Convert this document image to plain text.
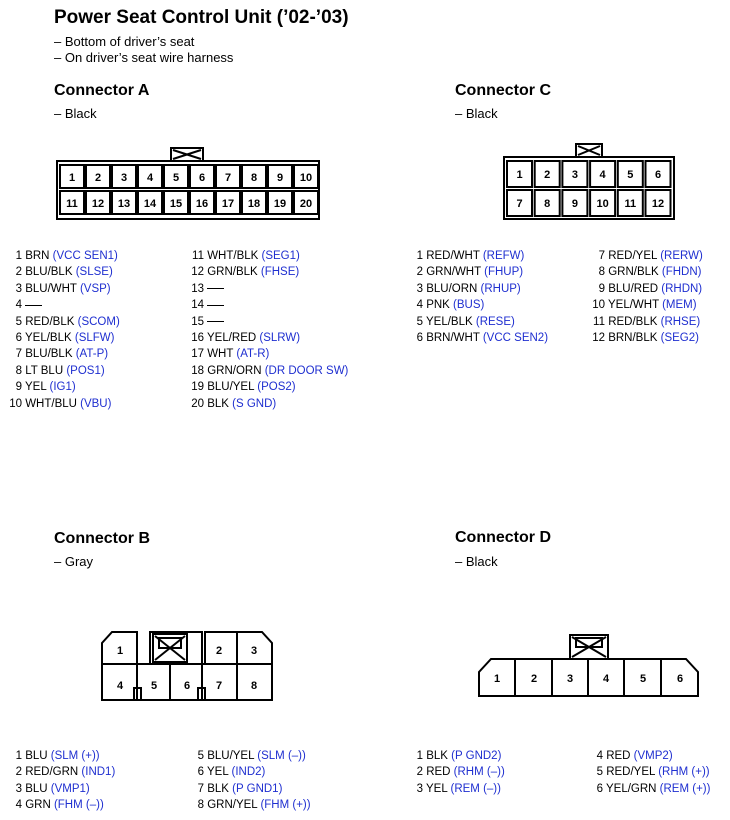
Power Seat Control Unit (’02-’03)
– Bottom of driver’s seat
– On driver’s seat wire harness
Connector A
– Black
Connector C
– Black
Connector B
– Gray
Connector D
– Black
1 2 3 4 5 6 7 8 9 10
11 12 13 14 15 16 17 18 19 20
1 2 3 4 5 6
7 8 9 10 11 12
1	2	3
4	5 6 7	8
1	2	3	4	5	6
1 BRN (VCC SEN1)
2 BLU/BLK (SLSE)
3 BLU/WHT (VSP)
4
5 RED/BLK (SCOM)
6 YEL/BLK (SLFW)
7 BLU/BLK (AT-P)
8 LT BLU (POS1)
9 YEL (IG1)
10 WHT/BLU (VBU)
11 WHT/BLK (SEG1)
12 GRN/BLK (FHSE)
13
14
15
16 YEL/RED (SLRW)
17 WHT (AT-R)
18 GRN/ORN (DR DOOR SW)
19 BLU/YEL (POS2)
20 BLK (S GND)
1 RED/WHT (REFW)
2 GRN/WHT (FHUP)
3 BLU/ORN (RHUP)
4 PNK (BUS)
5 YEL/BLK (RESE)
6 BRN/WHT (VCC SEN2)
7 RED/YEL (RERW)
8 GRN/BLK (FHDN)
9 BLU/RED (RHDN)
10 YEL/WHT (MEM)
11 RED/BLK (RHSE)
12 BRN/BLK (SEG2)
1 BLU (SLM (+))
2 RED/GRN (IND1)
3 BLU (VMP1)
4 GRN (FHM (–))
5 BLU/YEL (SLM (–))
6 YEL (IND2)
7 BLK (P GND1)
8 GRN/YEL (FHM (+))
1 BLK (P GND2)
2 RED (RHM (–))
3 YEL (REM (–))
4 RED (VMP2)
5 RED/YEL (RHM (+))
6 YEL/GRN (REM (+))
